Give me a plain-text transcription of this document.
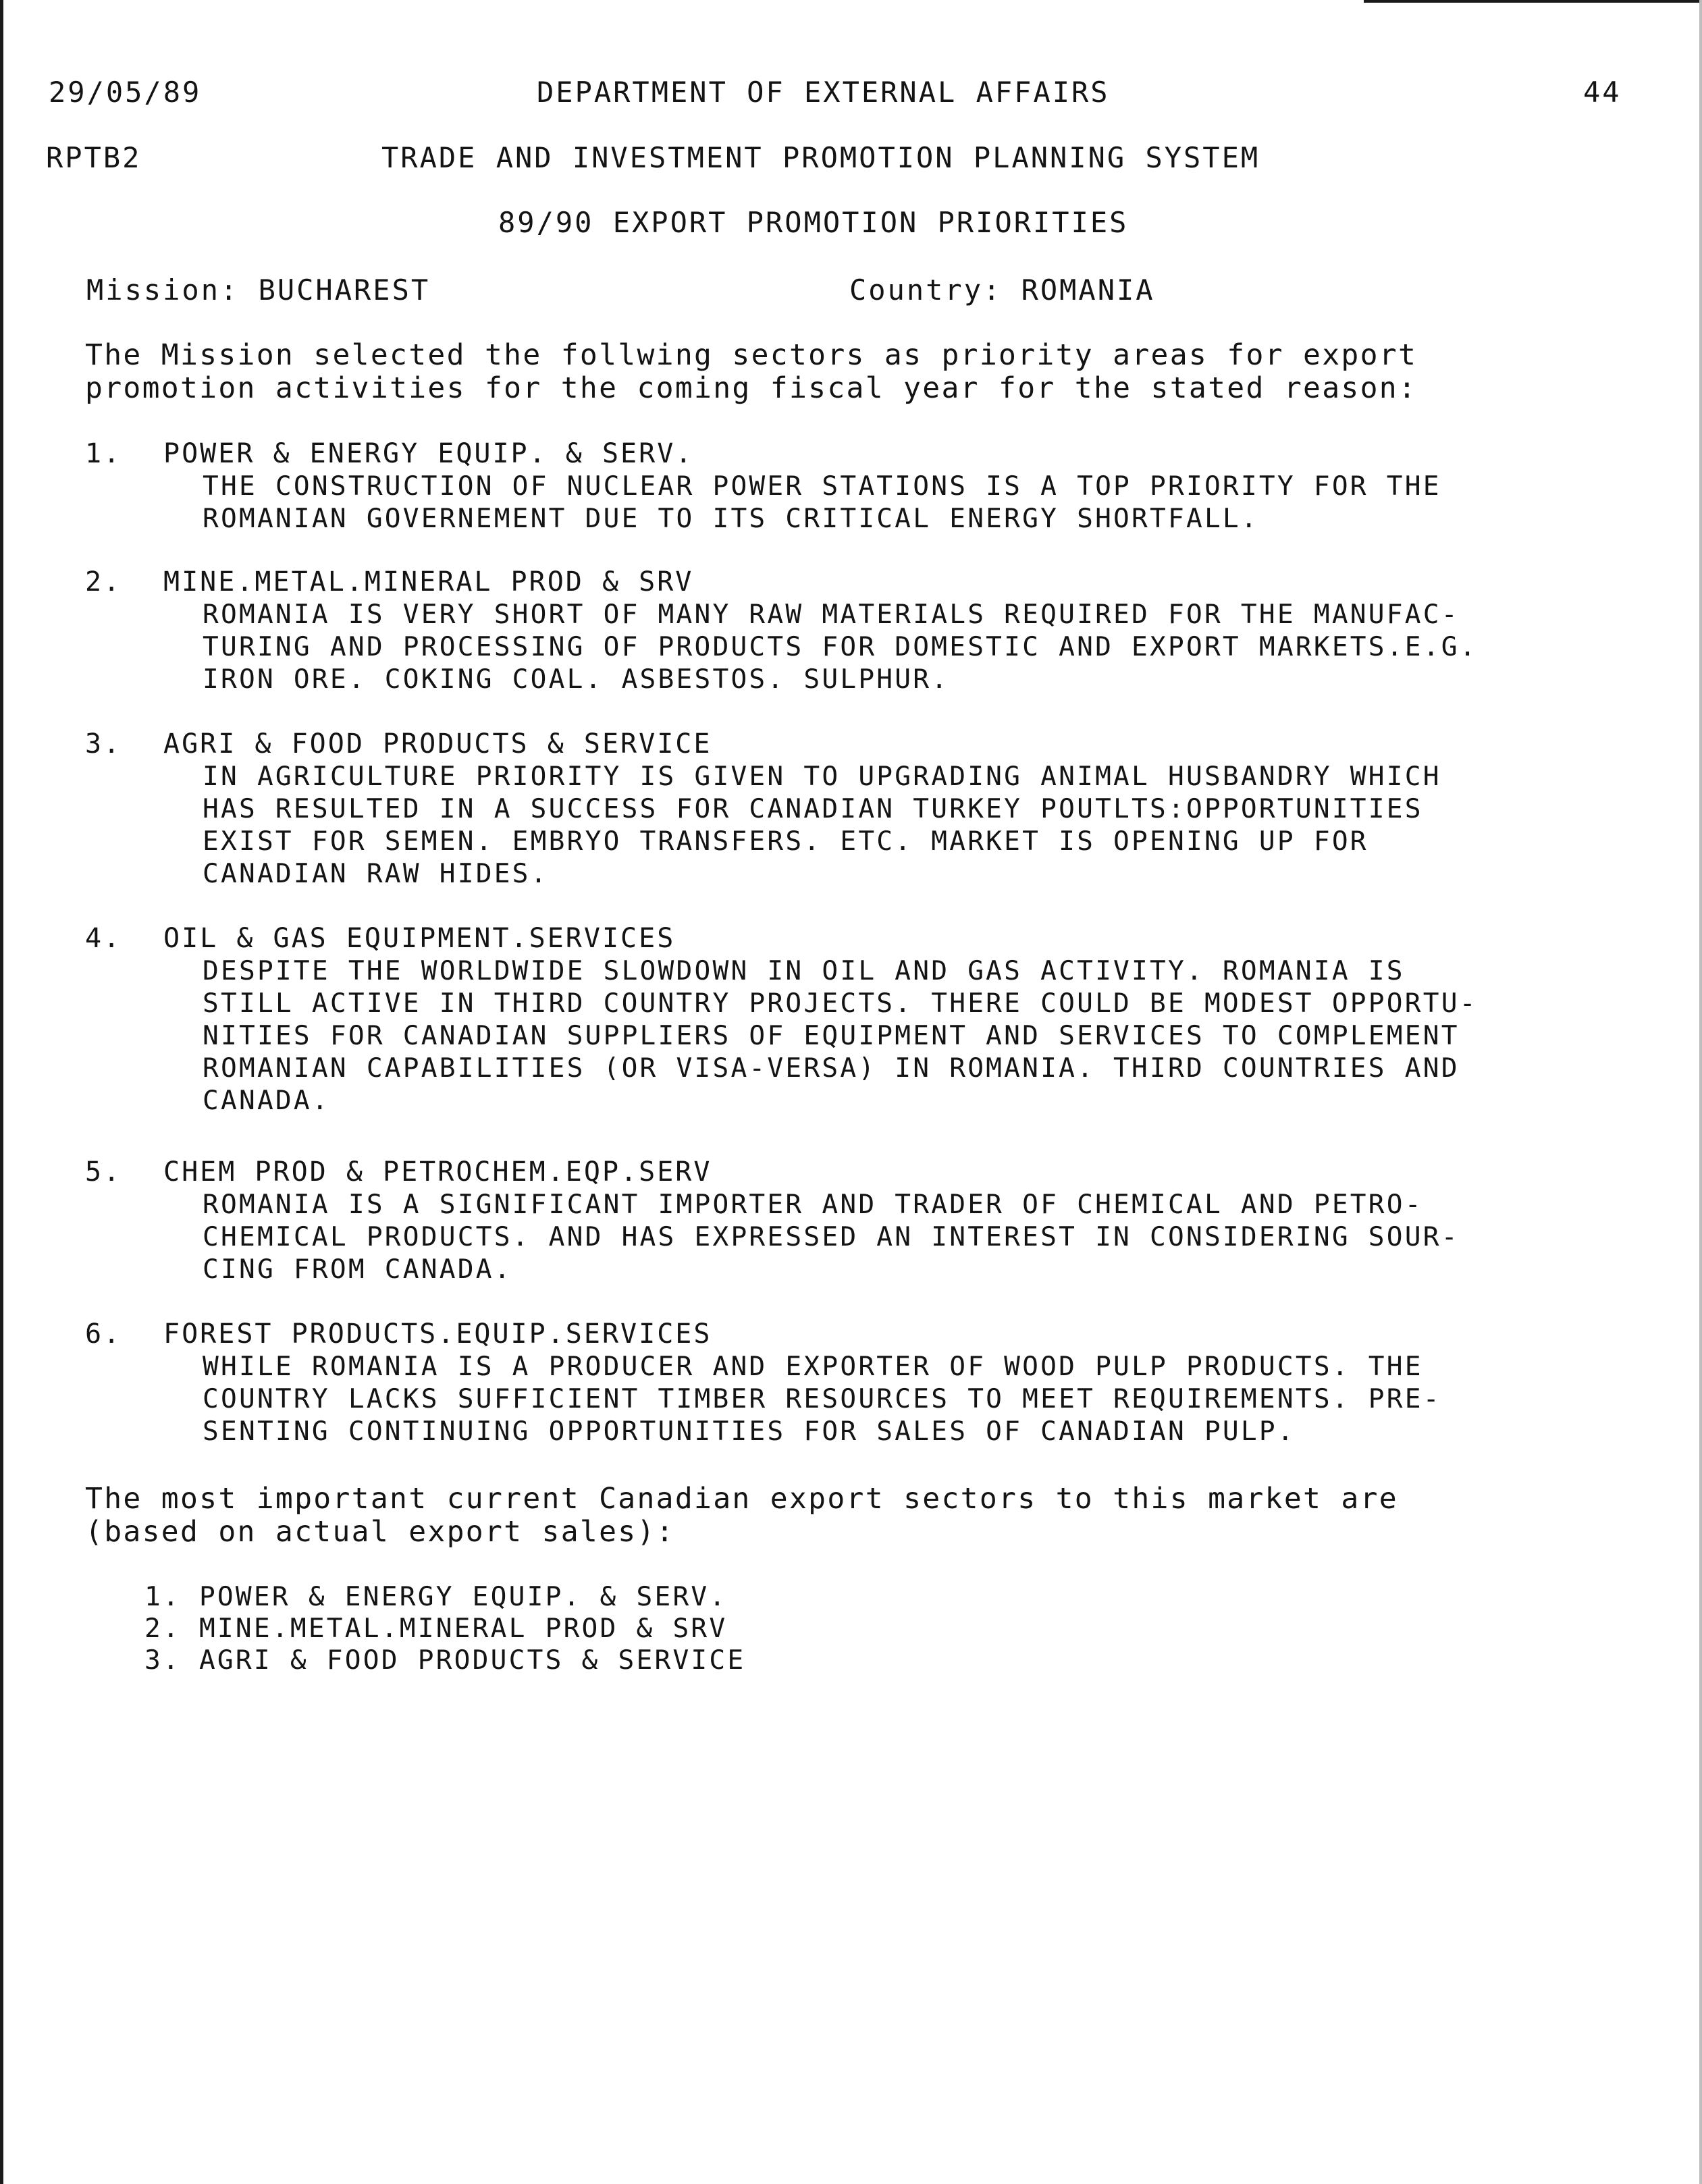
29/05/89	DEPARTMENT OF EXTERNAL AFFAIRS	44
RPTB2	TRADE AND INVESTMENT PROMOTION PLANNING SYSTEM
89/90 EXPORT PROMOTION PRIORITIES
Mission: BUCHAREST	Country: ROMANIA
The Mission selected the follwing sectors as priority areas for export
promotion activities for the coming fiscal year for the stated reason:
1. POWER & ENERGY EQUIP. & SERV.
THE CONSTRUCTION OF NUCLEAR POWER STATIONS IS A TOP PRIORITY FOR THE
ROMANIAN GOVERNEMENT DUE TO ITS CRITICAL ENERGY SHORTFALL.
2. MINE.METAL.MINERAL PROD & SRV
ROMANIA IS VERY SHORT OF MANY RAW MATERIALS REQUIRED FOR THE MANUFAC-
TURING AND PROCESSING OF PRODUCTS FOR DOMESTIC AND EXPORT MARKETS.E.G.
IRON ORE. COKING COAL. ASBESTOS. SULPHUR.
3. AGRI & FOOD PRODUCTS & SERVICE
IN AGRICULTURE PRIORITY IS GIVEN TO UPGRADING ANIMAL HUSBANDRY WHICH
HAS RESULTED IN A SUCCESS FOR CANADIAN TURKEY POUTLTS:OPPORTUNITIES
EXIST FOR SEMEN. EMBRYO TRANSFERS. ETC. MARKET IS OPENING UP FOR
CANADIAN RAW HIDES.
4. OIL & GAS EQUIPMENT.SERVICES
DESPITE THE WORLDWIDE SLOWDOWN IN OIL AND GAS ACTIVITY. ROMANIA IS
STILL ACTIVE IN THIRD COUNTRY PROJECTS. THERE COULD BE MODEST OPPORTU-
NITIES FOR CANADIAN SUPPLIERS OF EQUIPMENT AND SERVICES TO COMPLEMENT
ROMANIAN CAPABILITIES (OR VISA-VERSA) IN ROMANIA. THIRD COUNTRIES AND
CANADA.
5. CHEM PROD & PETROCHEM.EQP.SERV
ROMANIA IS A SIGNIFICANT IMPORTER AND TRADER OF CHEMICAL AND PETRO-
CHEMICAL PRODUCTS. AND HAS EXPRESSED AN INTEREST IN CONSIDERING SOUR-
CING FROM CANADA.
6. FOREST PRODUCTS.EQUIP.SERVICES
WHILE ROMANIA IS A PRODUCER AND EXPORTER OF WOOD PULP PRODUCTS. THE
COUNTRY LACKS SUFFICIENT TIMBER RESOURCES TO MEET REQUIREMENTS. PRE-
SENTING CONTINUING OPPORTUNITIES FOR SALES OF CANADIAN PULP.
The most important current Canadian export sectors to this market are
(based on actual export sales):
1. POWER & ENERGY EQUIP. & SERV.
2. MINE.METAL.MINERAL PROD & SRV
3. AGRI & FOOD PRODUCTS & SERVICE
